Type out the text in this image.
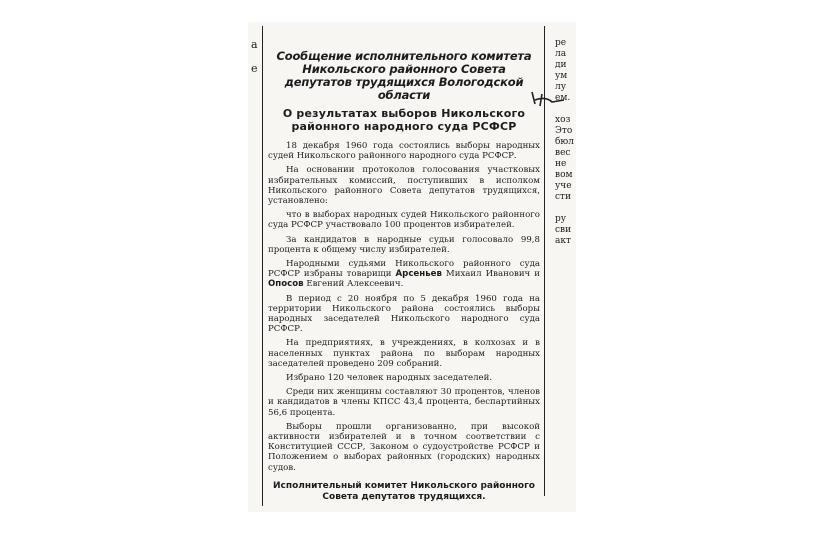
а
е
ре
ла
ди
ум
лу
ем.
хоз
Это
бюл
вес
не
вом
уче
сти
ру
сви
акт
Сообщение исполнительного комитета Никольского районного Совета депутатов трудящихся Вологодской области
О результатах выборов Никольского районного народного суда РСФСР

18 декабря 1960 года состоялись выборы народных судей Никольского районного народного суда РСФСР.

На основании протоколов голосования участковых избирательных комиссий, поступивших в исполком Никольского районного Совета депутатов трудящихся, установлено:

что в выборах народных судей Никольского районного суда РСФСР участвовало 100 процентов избирателей.

За кандидатов в народные судьи голосовало 99,8 процента к общему числу избирателей.

Народными судьями Никольского районного суда РСФСР избраны товарищи Арсеньев Михаил Иванович и Опосов Евгений Алексеевич.

В период с 20 ноября по 5 декабря 1960 года на территории Никольского района состоялись выборы народных заседателей Никольского народного суда РСФСР.

На предприятиях, в учреждениях, в колхозах и в населенных пунктах района по выборам народных заседателей проведено 209 собраний.

Избрано 120 человек народных заседателей.

Среди них женщины составляют 30 процентов, членов и кандидатов в члены КПСС 43,4 процента, беспартийных 56,6 процента.

Выборы прошли организованно, при высокой активности избирателей и в точном соответствии с Конституцией СССР, Законом о судоустройстве РСФСР и Положением о выборах районных (городских) народных судов.

Исполнительный комитет Никольского районного Совета депутатов трудящихся.
